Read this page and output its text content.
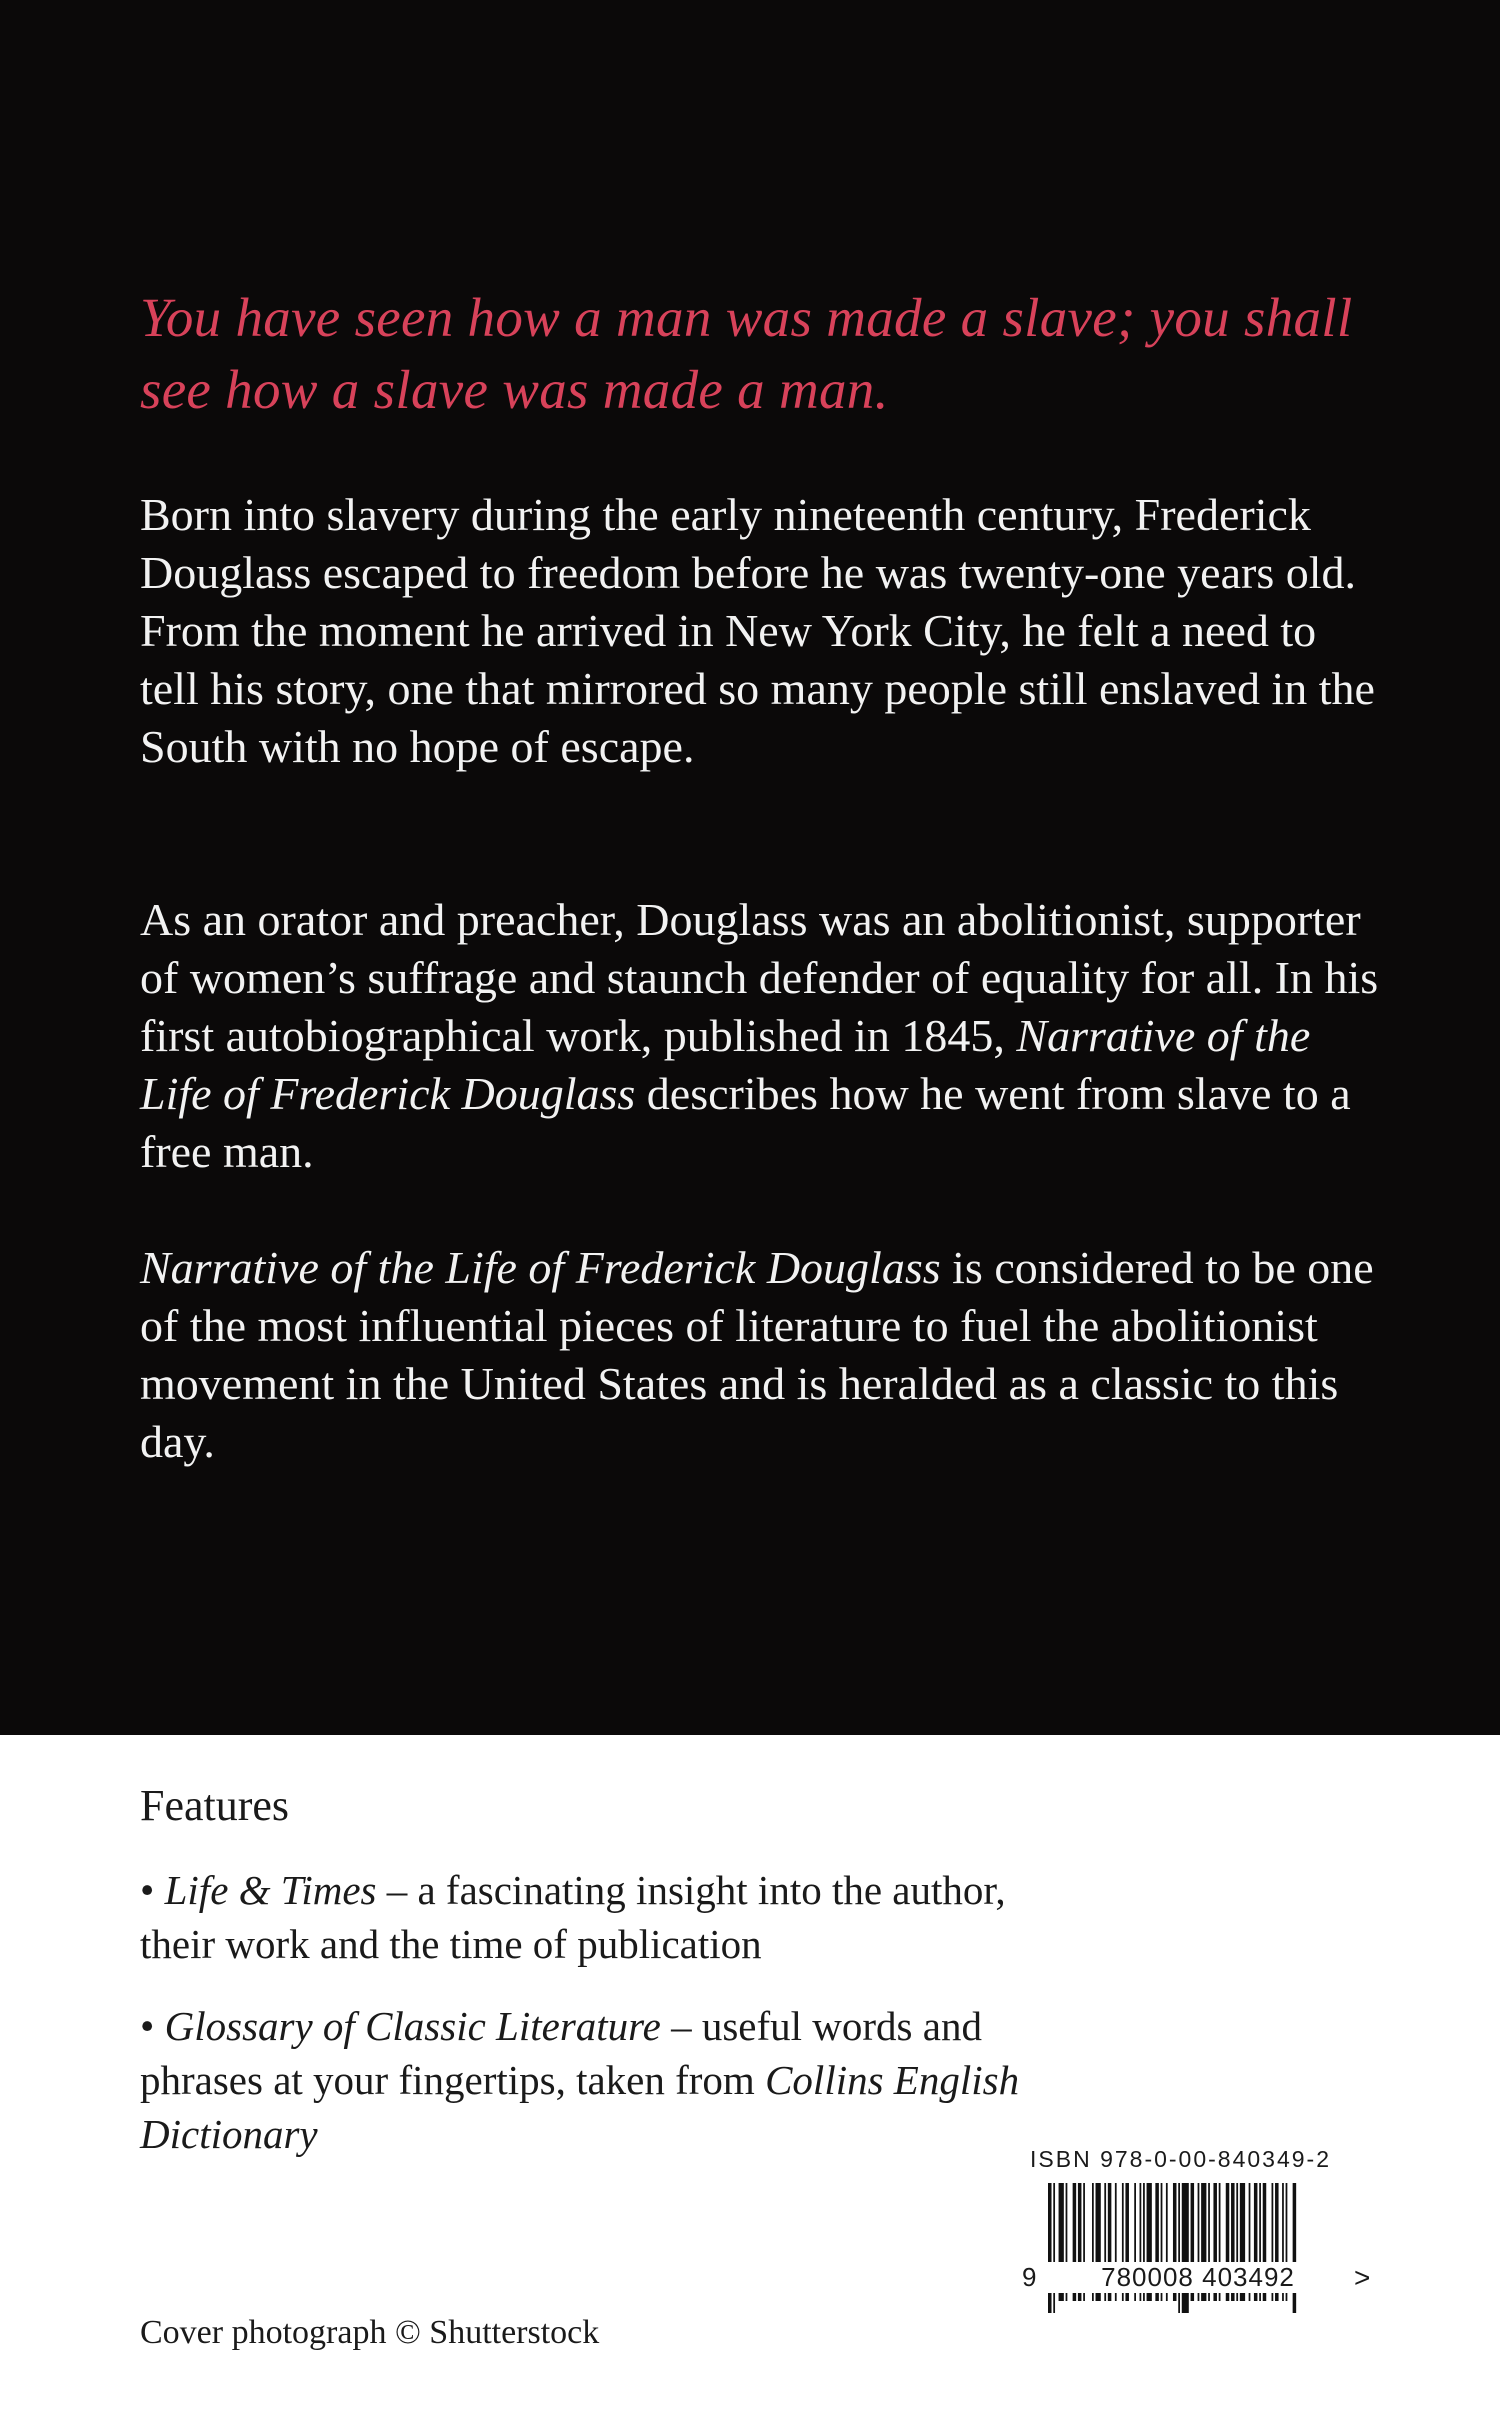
You have seen how a man was made a slave; you shall see how a slave was made a man.

Born into slavery during the early nineteenth century, Frederick Douglass escaped to freedom before he was twenty-one years old. From the moment he arrived in New York City, he felt a need to tell his story, one that mirrored so many people still enslaved in the South with no hope of escape.

As an orator and preacher, Douglass was an abolitionist, supporter of women’s suffrage and staunch defender of equality for all. In his first autobiographical work, published in 1845, Narrative of the Life of Frederick Douglass describes how he went from slave to a free man.

Narrative of the Life of Frederick Douglass is considered to be one of the most influential pieces of literature to fuel the abolitionist movement in the United States and is heralded as a classic to this day.

Features

• Life & Times – a fascinating insight into the author, their work and the time of publication

• Glossary of Classic Literature – useful words and phrases at your fingertips, taken from Collins English Dictionary

Cover photograph © Shutterstock

ISBN 978-0-00-840349-2

9	780008 403492	>
